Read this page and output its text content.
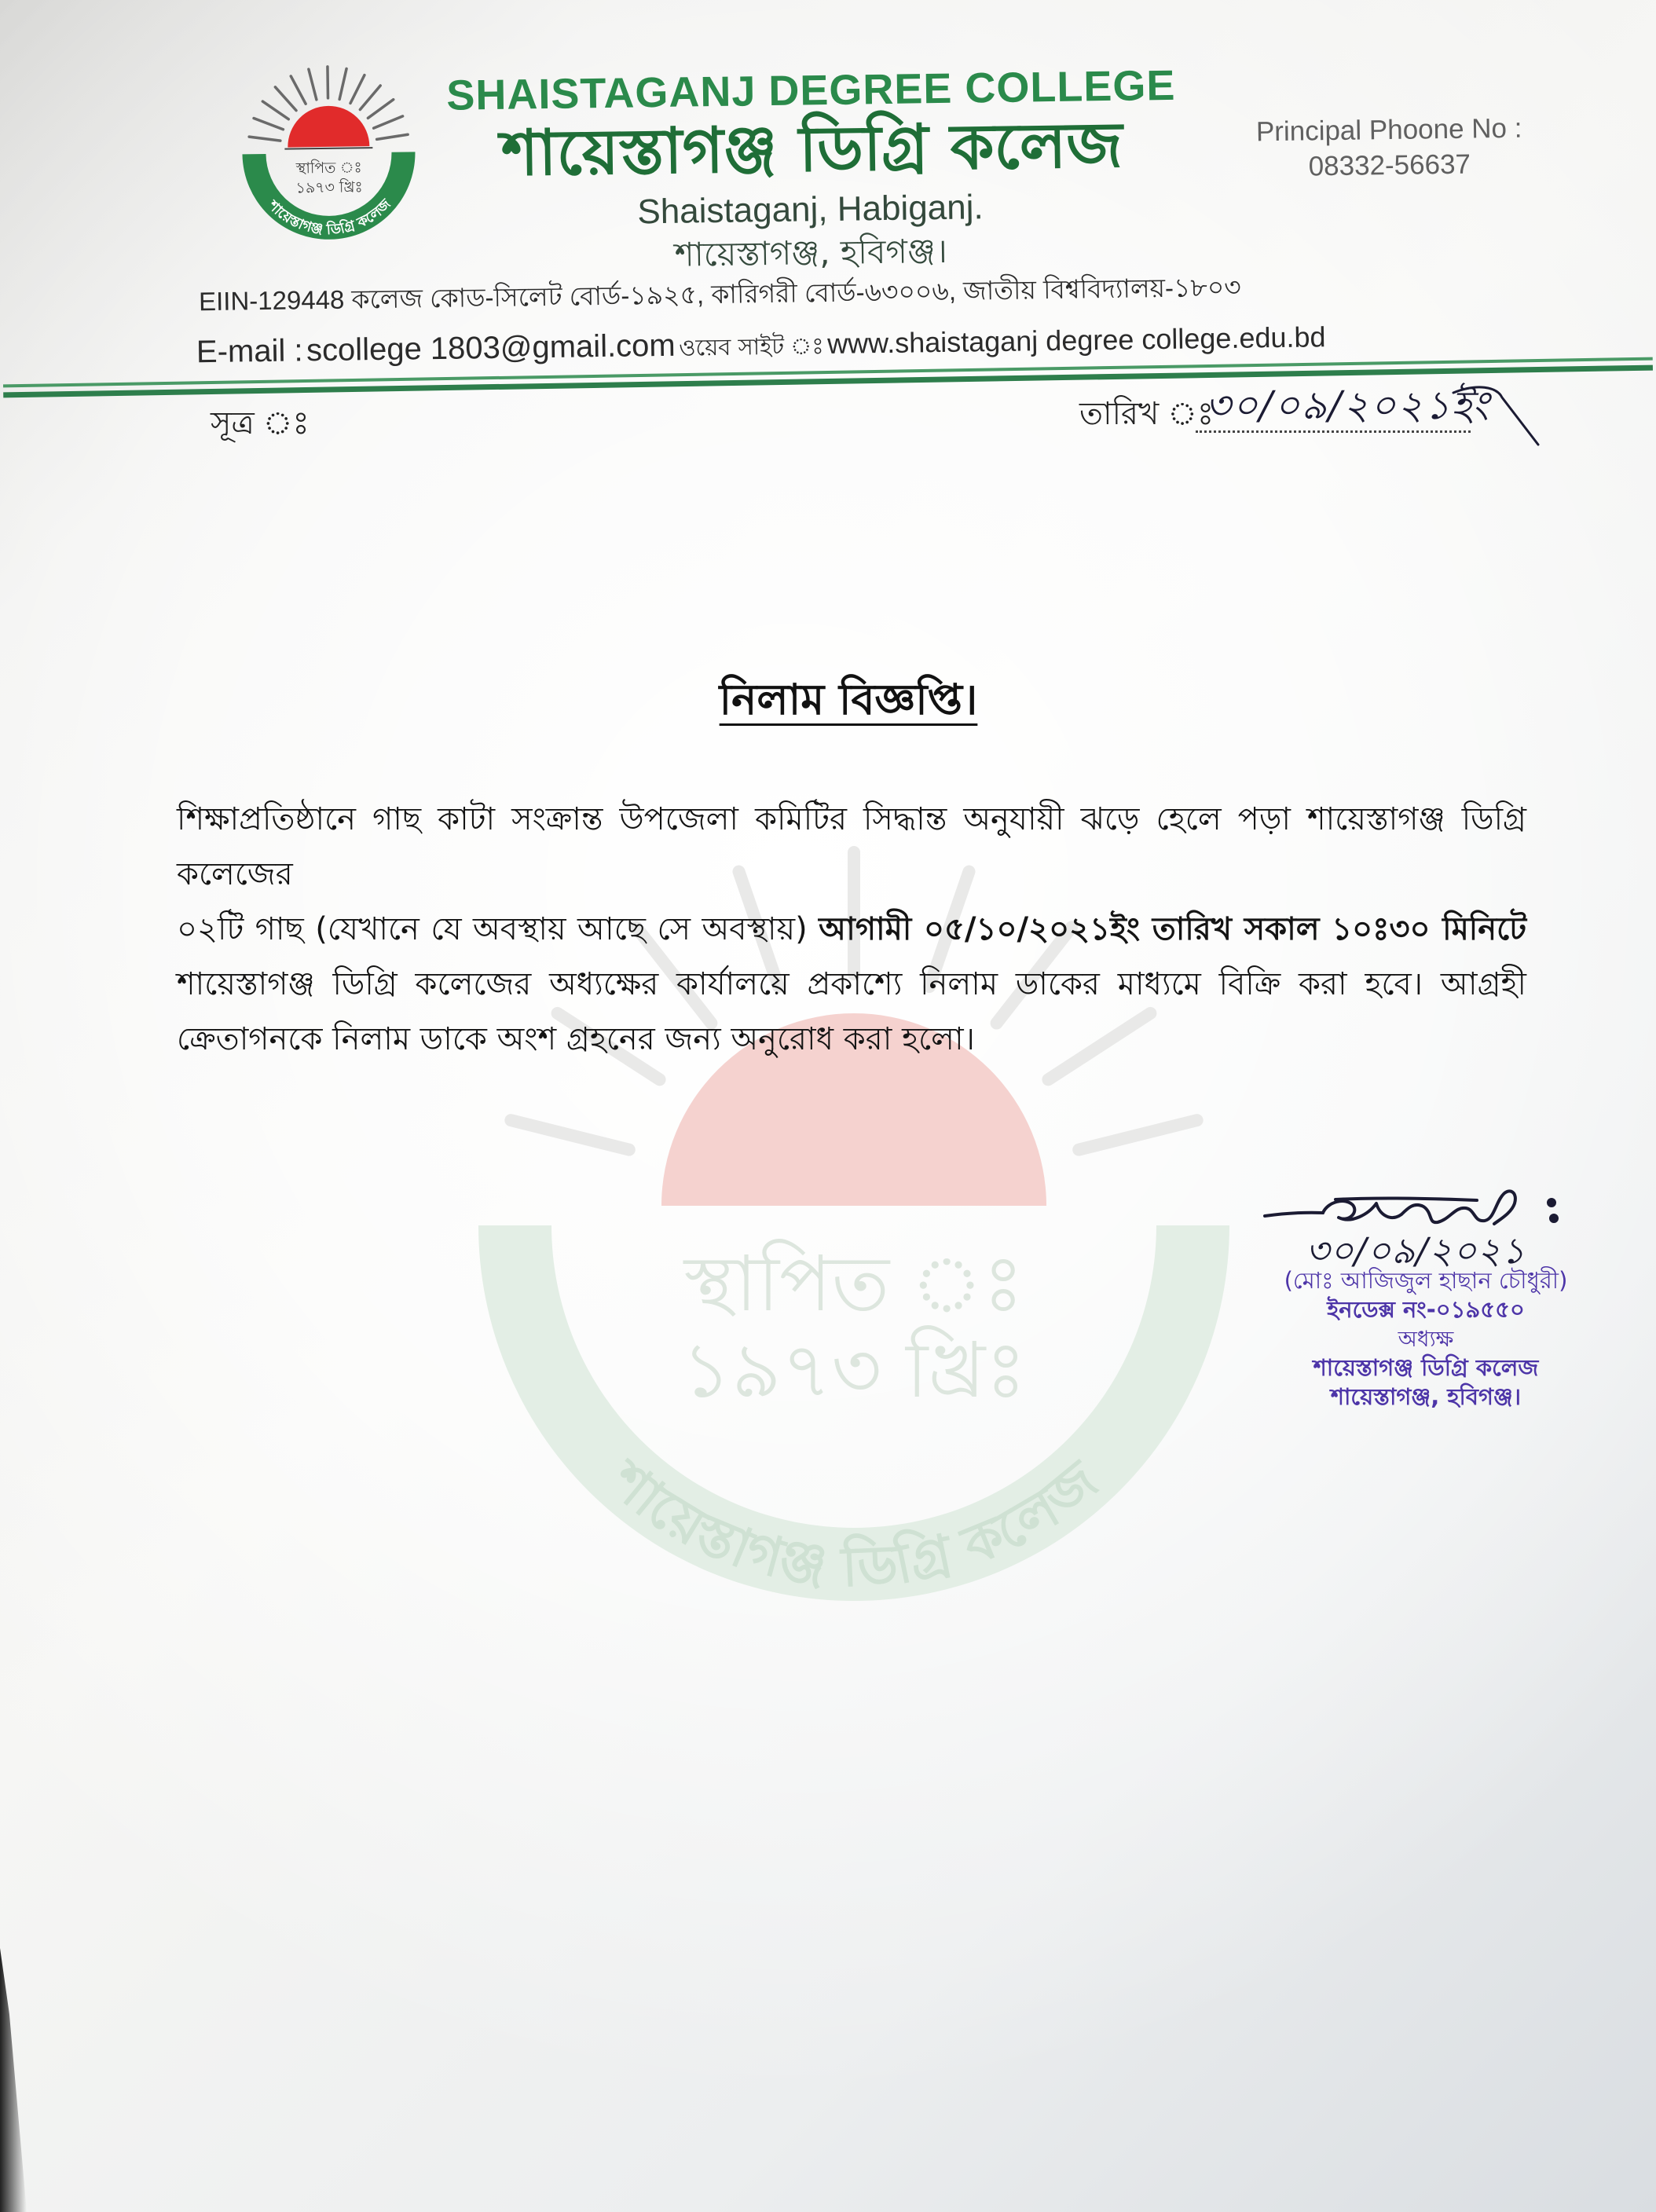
শায়েস্তাগঞ্জ ডিগ্রি কলেজ
স্থাপিত ঃ
১৯৭৩ খ্রিঃ
শায়েস্তাগঞ্জ ডিগ্রি কলেজ
স্থাপিত ঃ
১৯৭৩ খ্রিঃ
SHAISTAGANJ DEGREE COLLEGE
শায়েস্তাগঞ্জ ডিগ্রি কলেজ
Shaistaganj, Habiganj.
শায়েস্তাগঞ্জ, হবিগঞ্জ।
Principal Phoone No :
08332-56637
EIIN-129448 কলেজ কোড-সিলেট বোর্ড-১৯২৫, কারিগরী বোর্ড-৬৩০০৬, জাতীয় বিশ্ববিদ্যালয়-১৮০৩
E-mail : scollege 1803@gmail.com ওয়েব সাইট ঃ www.shaistaganj degree college.edu.bd
সূত্র ঃ	তারিখ ঃ
৩০/০৯/২০২১ইং
নিলাম বিজ্ঞপ্তি।
শিক্ষাপ্রতিষ্ঠানে গাছ কাটা সংক্রান্ত উপজেলা কমিটির সিদ্ধান্ত অনুযায়ী ঝড়ে হেলে পড়া শায়েস্তাগঞ্জ ডিগ্রি কলেজের
০২টি গাছ (যেখানে যে অবস্থায় আছে সে অবস্থায়) আগামী ০৫/১০/২০২১ইং তারিখ সকাল ১০ঃ৩০ মিনিটে
শায়েস্তাগঞ্জ ডিগ্রি কলেজের অধ্যক্ষের কার্যালয়ে প্রকাশ্যে নিলাম ডাকের মাধ্যমে বিক্রি করা হবে। আগ্রহী
ক্রেতাগনকে নিলাম ডাকে অংশ গ্রহনের জন্য অনুরোধ করা হলো।
৩০/০৯/২০২১
(মোঃ আজিজুল হাছান চৌধুরী)
ইনডেক্স নং-০১৯৫৫০
অধ্যক্ষ
শায়েস্তাগঞ্জ ডিগ্রি কলেজ
শায়েস্তাগঞ্জ, হবিগঞ্জ।
